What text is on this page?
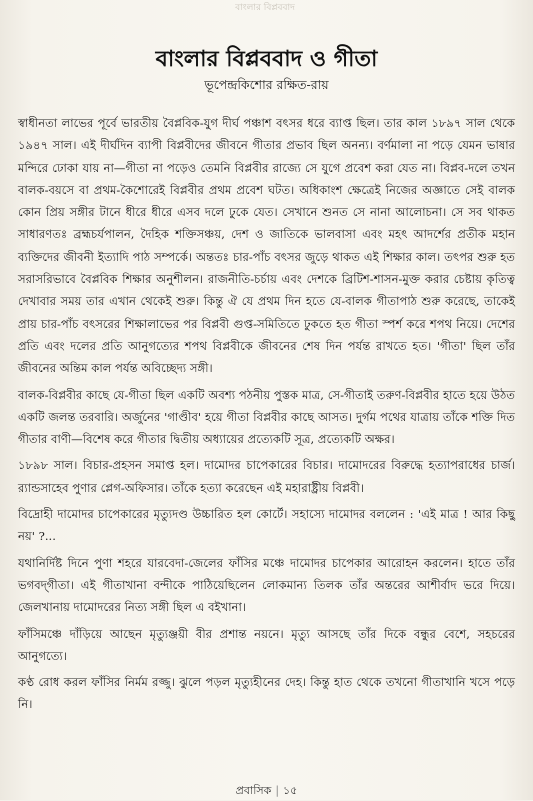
বাংলার বিপ্লববাদ
বাংলার বিপ্লববাদ ও গীতা
ভূপেন্দ্রকিশোর রক্ষিত-রায়

স্বাধীনতা লাভের পূর্বে ভারতীয় বৈপ্লবিক-যুগ দীর্ঘ পঞ্চাশ বৎসর ধরে ব্যাপ্ত ছিল। তার কাল ১৮৯৭ সাল থেকে ১৯৪৭ সাল। এই দীর্ঘদিন ব্যাপী বিপ্লবীদের জীবনে গীতার প্রভাব ছিল অনন্য। বর্ণমালা না পড়ে যেমন ভাষার মন্দিরে ঢোকা যায় না—গীতা না পড়েও তেমনি বিপ্লবীর রাজ্যে সে যুগে প্রবেশ করা যেত না। বিপ্লব-দলে তখন বালক-বয়সে বা প্রথম-কৈশোরেই বিপ্লবীর প্রথম প্রবেশ ঘটত। অধিকাংশ ক্ষেত্রেই নিজের অজ্ঞাতে সেই বালক কোন প্রিয় সঙ্গীর টানে ধীরে ধীরে এসব দলে ঢুকে যেত। সেখানে শুনত সে নানা আলোচনা। সে সব থাকত সাধারণতঃ ব্রহ্মচর্যপালন, দৈহিক শক্তিসঞ্চয়, দেশ ও জাতিকে ভালবাসা এবং মহৎ আদর্শের প্রতীক মহান ব্যক্তিদের জীবনী ইত্যাদি পাঠ সম্পর্কে। অন্ততঃ চার-পাঁচ বৎসর জুড়ে থাকত এই শিক্ষার কাল। তৎপর শুরু হত সরাসরিভাবে বৈপ্লবিক শিক্ষার অনুশীলন। রাজনীতি-চর্চায় এবং দেশকে ব্রিটিশ-শাসন-মুক্ত করার চেষ্টায় কৃতিত্ব দেখাবার সময় তার এখান থেকেই শুরু। কিন্তু ঐ যে প্রথম দিন হতে যে-বালক গীতাপাঠ শুরু করেছে, তাকেই প্রায় চার-পাঁচ বৎসরের শিক্ষালাভের পর বিপ্লবী গুপ্ত-সমিতিতে ঢুকতে হত গীতা স্পর্শ করে শপথ নিয়ে। দেশের প্রতি এবং দলের প্রতি আনুগত্যের শপথ বিপ্লবীকে জীবনের শেষ দিন পর্যন্ত রাখতে হত। 'গীতা' ছিল তাঁর জীবনের অন্তিম কাল পর্যন্ত অবিচ্ছেদ্য সঙ্গী।

বালক-বিপ্লবীর কাছে যে-গীতা ছিল একটি অবশ্য পঠনীয় পুস্তক মাত্র, সে-গীতাই তরুণ-বিপ্লবীর হাতে হয়ে উঠত একটি জলন্ত তরবারি। অর্জুনের 'গাণ্ডীব' হয়ে গীতা বিপ্লবীর কাছে আসত। দুর্গম পথের যাত্রায় তাঁকে শক্তি দিত গীতার বাণী—বিশেষ করে গীতার দ্বিতীয় অধ্যায়ের প্রত্যেকটি সূত্র, প্রত্যেকটি অক্ষর।

১৮৯৮ সাল। বিচার-প্রহসন সমাপ্ত হল। দামোদর চাপেকারের বিচার। দামোদরের বিরুদ্ধে হত্যাপরাধের চার্জ। র‍্যান্ডসাহেব পুণার প্লেগ-অফিসার। তাঁকে হত্যা করেছেন এই মহারাষ্ট্রীয় বিপ্লবী।

বিদ্রোহী দামোদর চাপেকারের মৃত্যুদণ্ড উচ্চারিত হল কোর্টে। সহাস্যে দামোদর বললেন : 'এই মাত্র ! আর কিছু নয়' ?...

যথানির্দিষ্ট দিনে পুণা শহরে যারবেদা-জেলের ফাঁসির মঞ্চে দামোদর চাপেকার আরোহন করলেন। হাতে তাঁর ভগবদ্‌গীতা। এই গীতাখানা বন্দীকে পাঠিয়েছিলেন লোকমান্য তিলক তাঁর অন্তরের আশীর্বাদ ভরে দিয়ে। জেলখানায় দামোদরের নিত্য সঙ্গী ছিল এ বইখানা।

ফাঁসিমঞ্চে দাঁড়িয়ে আছেন মৃত্যুঞ্জয়ী বীর প্রশান্ত নয়নে। মৃত্যু আসছে তাঁর দিকে বন্ধুর বেশে, সহচরের আনুগত্যে।

কণ্ঠ রোধ করল ফাঁসির নির্মম রজ্জু। ঝুলে পড়ল মৃত্যুহীনের দেহ। কিন্তু হাত থেকে তখনো গীতাখানি খসে পড়ে নি।

প্রবাসিক | ১৫
